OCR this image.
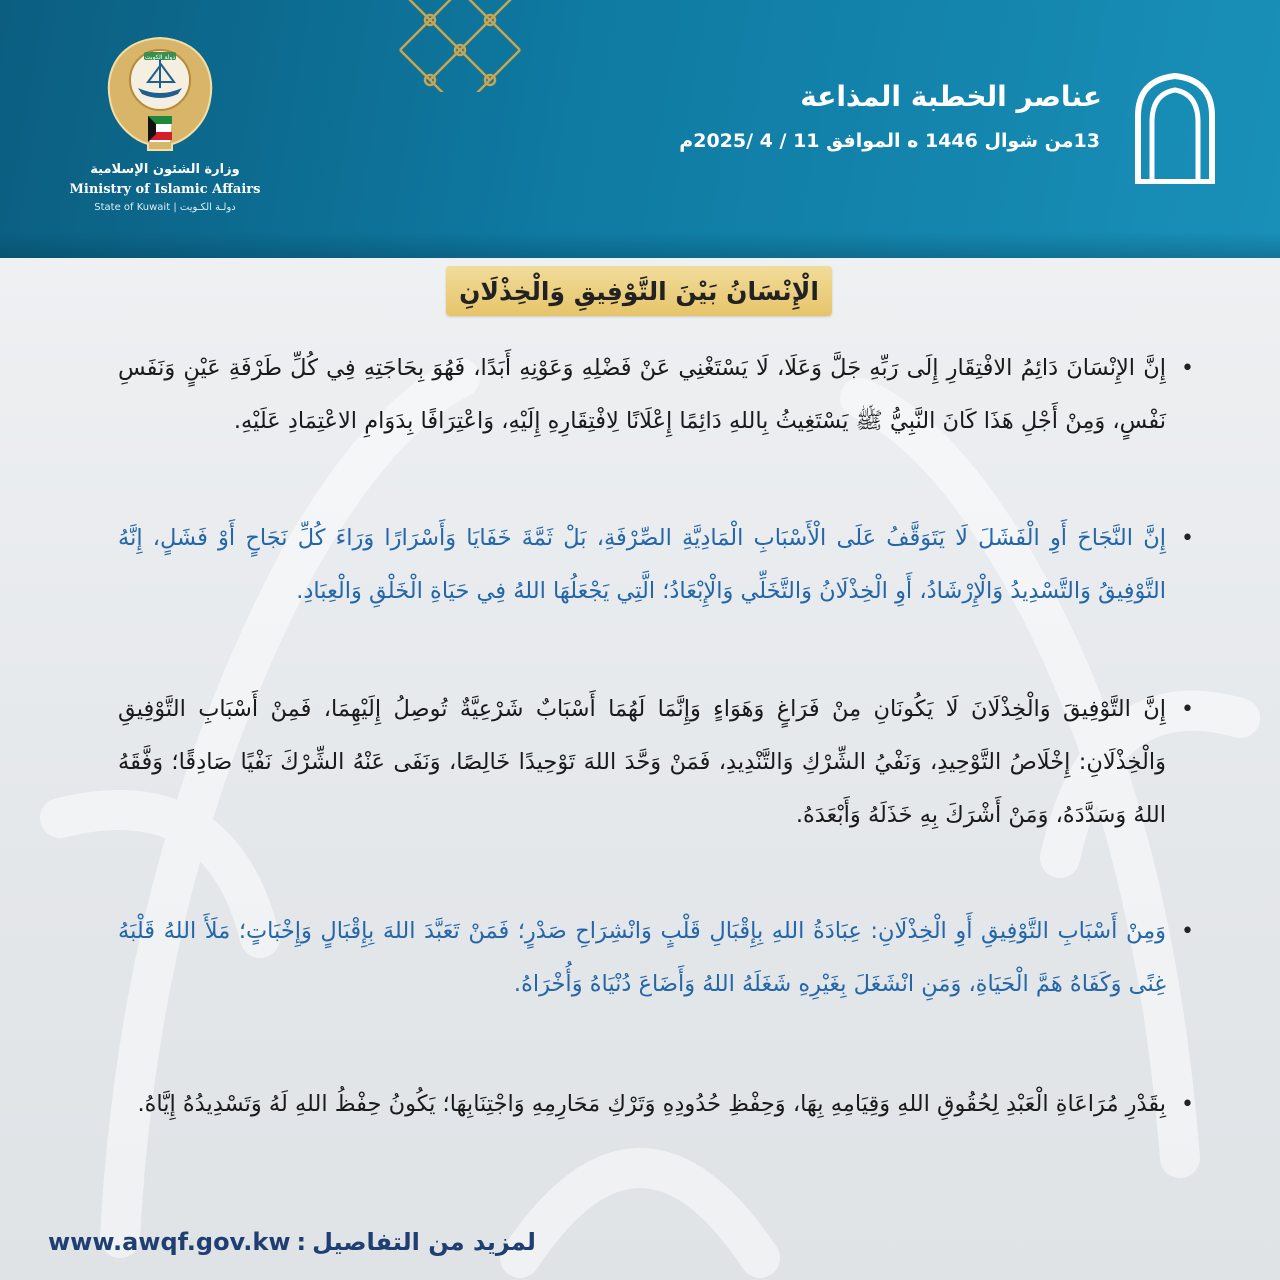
دولة الكويت
وزارة الشئون الإسلامية
Ministry of Islamic Affairs
State of Kuwait | دولـة الكـويت
عناصر الخطبة المذاعة
13من شوال 1446 ه الموافق 11 / 4 /2025م
الْإِنْسَانُ بَيْنَ التَّوْفِيقِ وَالْخِذْلَانِ
•
إِنَّ الإِنْسَانَ دَائِمُ الافْتِقَارِ إِلَى رَبِّهِ جَلَّ وَعَلَا، لَا يَسْتَغْنِي عَنْ فَضْلِهِ وَعَوْنِهِ أَبَدًا، فَهُوَ بِحَاجَتِهِ فِي كُلِّ طَرْفَةِ عَيْنٍ وَنَفَسِ نَفْسٍ، وَمِنْ أَجْلِ هَذَا كَانَ النَّبِيُّ ﷺ يَسْتَغِيثُ بِاللهِ دَائِمًا إِعْلَانًا لِافْتِقَارِهِ إِلَيْهِ، وَاعْتِرَافًا بِدَوَامِ الاعْتِمَادِ عَلَيْهِ.
•
إِنَّ النَّجَاحَ أَوِ الْفَشَلَ لَا يَتَوَقَّفُ عَلَى الْأَسْبَابِ الْمَادِيَّةِ الصِّرْفَةِ، بَلْ ثَمَّةَ خَفَايَا وَأَسْرَارًا وَرَاءَ كُلِّ نَجَاحٍ أَوْ فَشَلٍ، إِنَّهُ التَّوْفِيقُ وَالتَّسْدِيدُ وَالْإِرْشَادُ، أَوِ الْخِذْلَانُ وَالتَّخَلِّي وَالْإِبْعَادُ؛ الَّتِي يَجْعَلُهَا اللهُ فِي حَيَاةِ الْخَلْقِ وَالْعِبَادِ.
•
إِنَّ التَّوْفِيقَ وَالْخِذْلَانَ لَا يَكُونَانِ مِنْ فَرَاغٍ وَهَوَاءٍ وَإِنَّمَا لَهُمَا أَسْبَابٌ شَرْعِيَّةٌ تُوصِلُ إِلَيْهِمَا، فَمِنْ أَسْبَابِ التَّوْفِيقِ وَالْخِذْلَانِ: إِخْلَاصُ التَّوْحِيدِ، وَنَفْيُ الشِّرْكِ وَالتَّنْدِيدِ، فَمَنْ وَحَّدَ اللهَ تَوْحِيدًا خَالِصًا، وَنَفَى عَنْهُ الشِّرْكَ نَفْيًا صَادِقًا؛ وَفَّقَهُ اللهُ وَسَدَّدَهُ، وَمَنْ أَشْرَكَ بِهِ خَذَلَهُ وَأَبْعَدَهُ.
•
وَمِنْ أَسْبَابِ التَّوْفِيقِ أَوِ الْخِذْلَانِ: عِبَادَةُ اللهِ بِإِقْبَالِ قَلْبٍ وَانْشِرَاحِ صَدْرٍ؛ فَمَنْ تَعَبَّدَ اللهَ بِإِقْبَالٍ وَإِخْبَاتٍ؛ مَلَأَ اللهُ قَلْبَهُ غِنًى وَكَفَاهُ هَمَّ الْحَيَاةِ، وَمَنِ انْشَغَلَ بِغَيْرِهِ شَغَلَهُ اللهُ وَأَضَاعَ دُنْيَاهُ وَأُخْرَاهُ.
•
بِقَدْرِ مُرَاعَاةِ الْعَبْدِ لِحُقُوقِ اللهِ وَقِيَامِهِ بِهَا، وَحِفْظِ حُدُودِهِ وَتَرْكِ مَحَارِمِهِ وَاجْتِنَابِهَا؛ يَكُونُ حِفْظُ اللهِ لَهُ وَتَسْدِيدُهُ إِيَّاهُ.
www.awqf.gov.kw : لمزيد من التفاصيل
